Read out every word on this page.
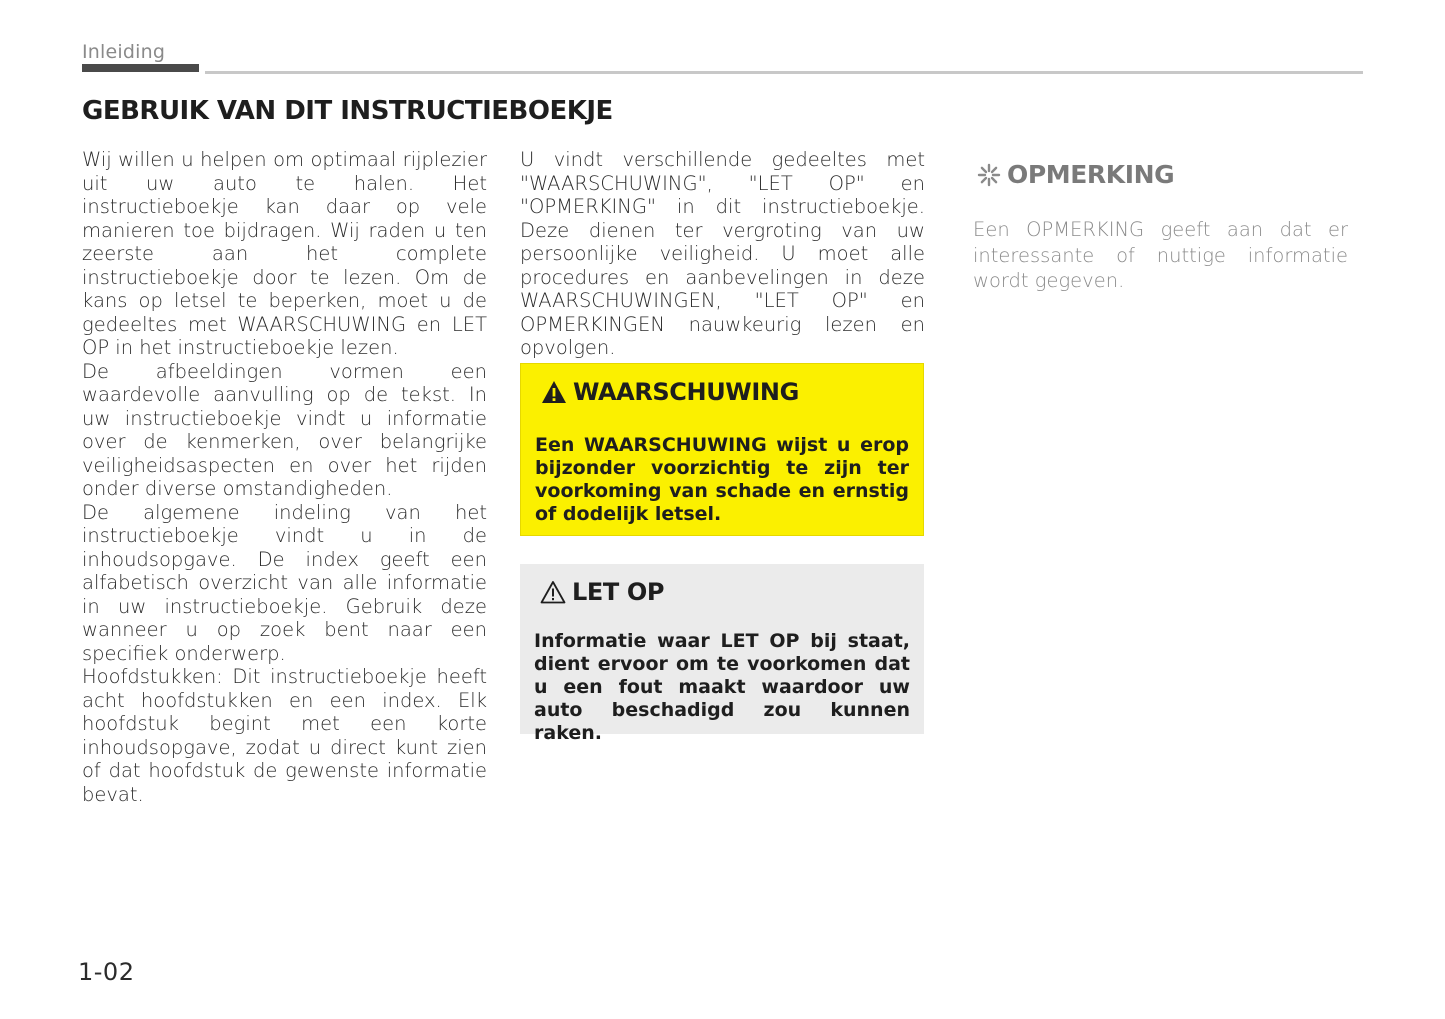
Inleiding
GEBRUIK VAN DIT INSTRUCTIEBOEKJE

Wij willen u helpen om optimaal rijplezier uit uw auto te halen. Het instructieboekje kan daar op vele manieren toe bijdragen. Wij raden u ten zeerste aan het complete instructieboekje door te lezen. Om de kans op letsel te beperken, moet u de gedeeltes met WAARSCHUWING en LET OP in het instructieboekje lezen.

De afbeeldingen vormen een waardevolle aanvulling op de tekst. In uw instructieboekje vindt u informatie over de kenmerken, over belangrijke veiligheidsaspecten en over het rijden onder diverse omstandigheden.

De algemene indeling van het instructieboekje vindt u in de inhoudsopgave. De index geeft een alfabetisch overzicht van alle informatie in uw instructieboekje. Gebruik deze wanneer u op zoek bent naar een specifiek onderwerp.

Hoofdstukken: Dit instructieboekje heeft acht hoofdstukken en een index. Elk hoofdstuk begint met een korte inhoudsopgave, zodat u direct kunt zien of dat hoofdstuk de gewenste informatie bevat.

U vindt verschillende gedeeltes met "WAARSCHUWING", "LET OP" en "OPMERKING" in dit instructieboekje. Deze dienen ter vergroting van uw persoonlijke veiligheid. U moet alle procedures en aanbevelingen in deze WAARSCHUWINGEN, "LET OP" en OPMERKINGEN nauwkeurig lezen en opvolgen.

WAARSCHUWING

Een WAARSCHUWING wijst u erop bijzonder voorzichtig te zijn ter voorkoming van schade en ernstig of dodelijk letsel.

LET OP

Informatie waar LET OP bij staat, dient ervoor om te voorkomen dat u een fout maakt waardoor uw auto beschadigd zou kunnen raken.

OPMERKING

Een OPMERKING geeft aan dat er interessante of nuttige informatie wordt gegeven.

1-02
